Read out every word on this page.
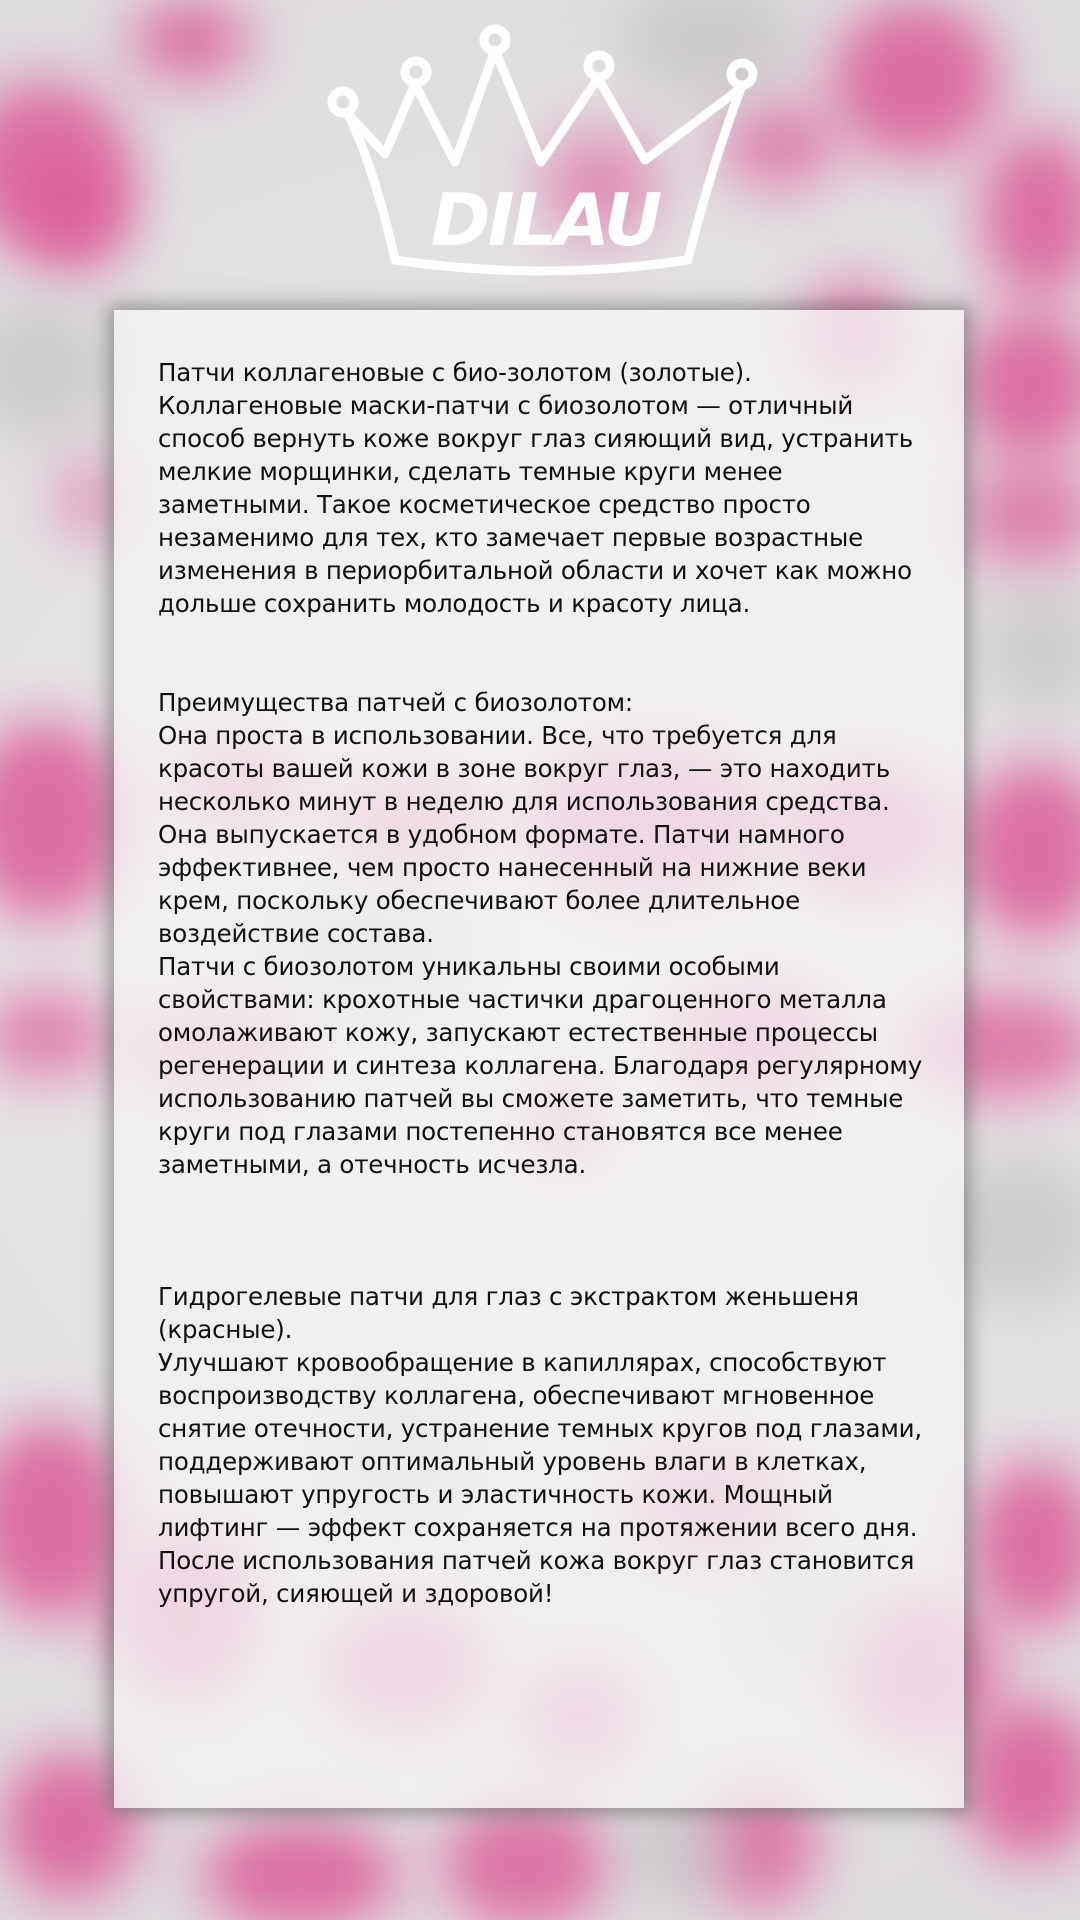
DILAU

Патчи коллагеновые с био-золотом (золотые).

Коллагеновые маски-патчи с биозолотом — отличный способ вернуть коже вокруг глаз сияющий вид, устранить мелкие морщинки, сделать темные круги менее заметными. Такое косметическое средство просто незаменимо для тех, кто замечает первые возрастные изменения в периорбитальной области и хочет как можно дольше сохранить молодость и красоту лица.

Преимущества патчей с биозолотом:

Она проста в использовании. Все, что требуется для красоты вашей кожи в зоне вокруг глаз, — это находить несколько минут в неделю для использования средства.

Она выпускается в удобном формате. Патчи намного эффективнее, чем просто нанесенный на нижние веки крем, поскольку обеспечивают более длительное воздействие состава.

Патчи с биозолотом уникальны своими особыми свойствами: крохотные частички драгоценного металла омолаживают кожу, запускают естественные процессы регенерации и синтеза коллагена. Благодаря регулярному использованию патчей вы сможете заметить, что темные круги под глазами постепенно становятся все менее заметными, а отечность исчезла.

Гидрогелевые патчи для глаз с экстрактом женьшеня (красные).

Улучшают кровообращение в капиллярах, способствуют воспроизводству коллагена, обеспечивают мгновенное снятие отечности, устранение темных кругов под глазами, поддерживают оптимальный уровень влаги в клетках, повышают упругость и эластичность кожи. Мощный лифтинг — эффект сохраняется на протяжении всего дня. После использования патчей кожа вокруг глаз становится упругой, сияющей и здоровой!
